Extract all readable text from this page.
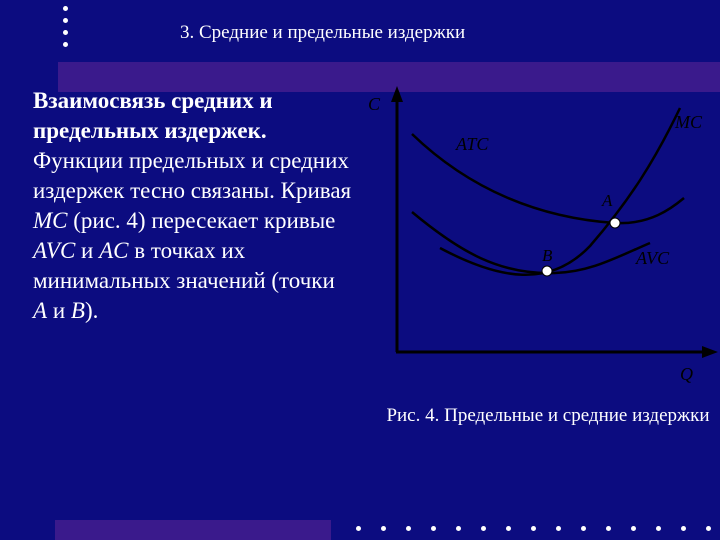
3. Средние и предельные издержки
Взаимосвязь средних и предельных издержек. Функции предельных и средних издержек тесно связаны. Кривая MC (рис. 4) пересекает кривые AVC и AC в точках их минимальных значений (точки A и B).
C
Q
ATC
MC
AVC
A
B
Рис. 4. Предельные и средние издержки
